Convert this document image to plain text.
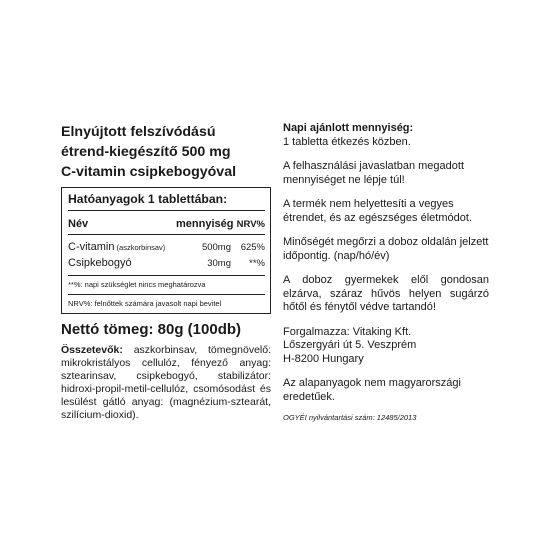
Elnyújtott felszívódású
étrend-kiegészítő 500 mg
C-vitamin csipkebogyóval

Hatóanyagok 1 tablettában:
Név	mennyiség NRV%
C-vitamin (aszkorbinsav)	500mg	625%
Csipkebogyó	30mg	**%
**%: napi szükséglet nincs meghatározva
NRV%: felnőttek számára javasolt napi bevitel
Nettó tömeg: 80g (100db)

Összetevők: aszkorbinsav, tömegnövelő: mikrokristályos cellulóz, fényező anyag: sztearinsav, csipkebogyó, stabilizátor: hidroxi-propil-metil-cellulóz, csomósodást és lesülést gátló anyag: (magnézium-sztearát, szilícium-dioxid).

Napi ajánlott mennyiség:
1 tabletta étkezés közben.

A felhasználási javaslatban megadott mennyiséget ne lépje túl!

A termék nem helyettesíti a vegyes étrendet, és az egészséges életmódot.

Minőségét megőrzi a doboz oldalán jelzett időpontig. (nap/hó/év)

A doboz gyermekek elől gondosan elzárva, száraz hűvös helyen sugárzó hőtől és fénytől védve tartandó!

Forgalmazza: Vitaking Kft.
Lőszergyári út 5. Veszprém
H-8200 Hungary

Az alapanyagok nem magyarországi eredetűek.

OGYÉI nyilvántartási szám: 12485/2013
